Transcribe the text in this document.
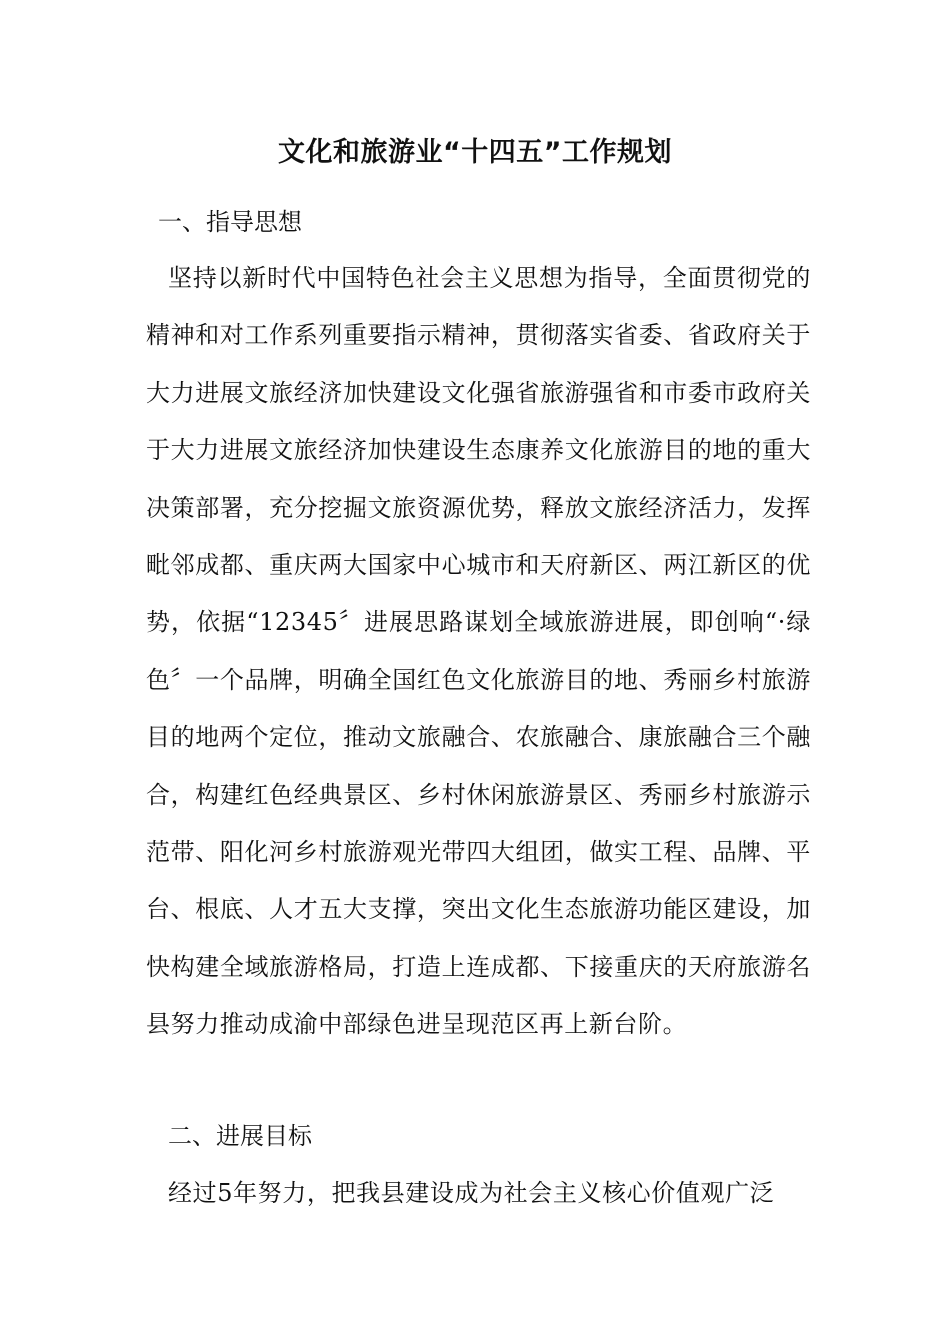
文化和旅游业“十四五”工作规划
一、指导思想
坚持以新时代中国特色社会主义思想为指导，全面贯彻党的精神和对工作系列重要指示精神，贯彻落实省委、省政府关于大力进展文旅经济加快建设文化强省旅游强省和市委市政府关于大力进展文旅经济加快建设生态康养文化旅游目的地的重大决策部署，充分挖掘文旅资源优势，释放文旅经济活力，发挥毗邻成都、重庆两大国家中心城市和天府新区、两江新区的优势，依据“12345〞进展思路谋划全域旅游进展，即创响“·绿色〞一个品牌，明确全国红色文化旅游目的地、秀丽乡村旅游目的地两个定位，推动文旅融合、农旅融合、康旅融合三个融合，构建红色经典景区、乡村休闲旅游景区、秀丽乡村旅游示范带、阳化河乡村旅游观光带四大组团，做实工程、品牌、平台、根底、人才五大支撑，突出文化生态旅游功能区建设，加快构建全域旅游格局，打造上连成都、下接重庆的天府旅游名县努力推动成渝中部绿色进呈现范区再上新台阶。
二、进展目标
经过5年努力，把我县建设成为社会主义核心价值观广泛
